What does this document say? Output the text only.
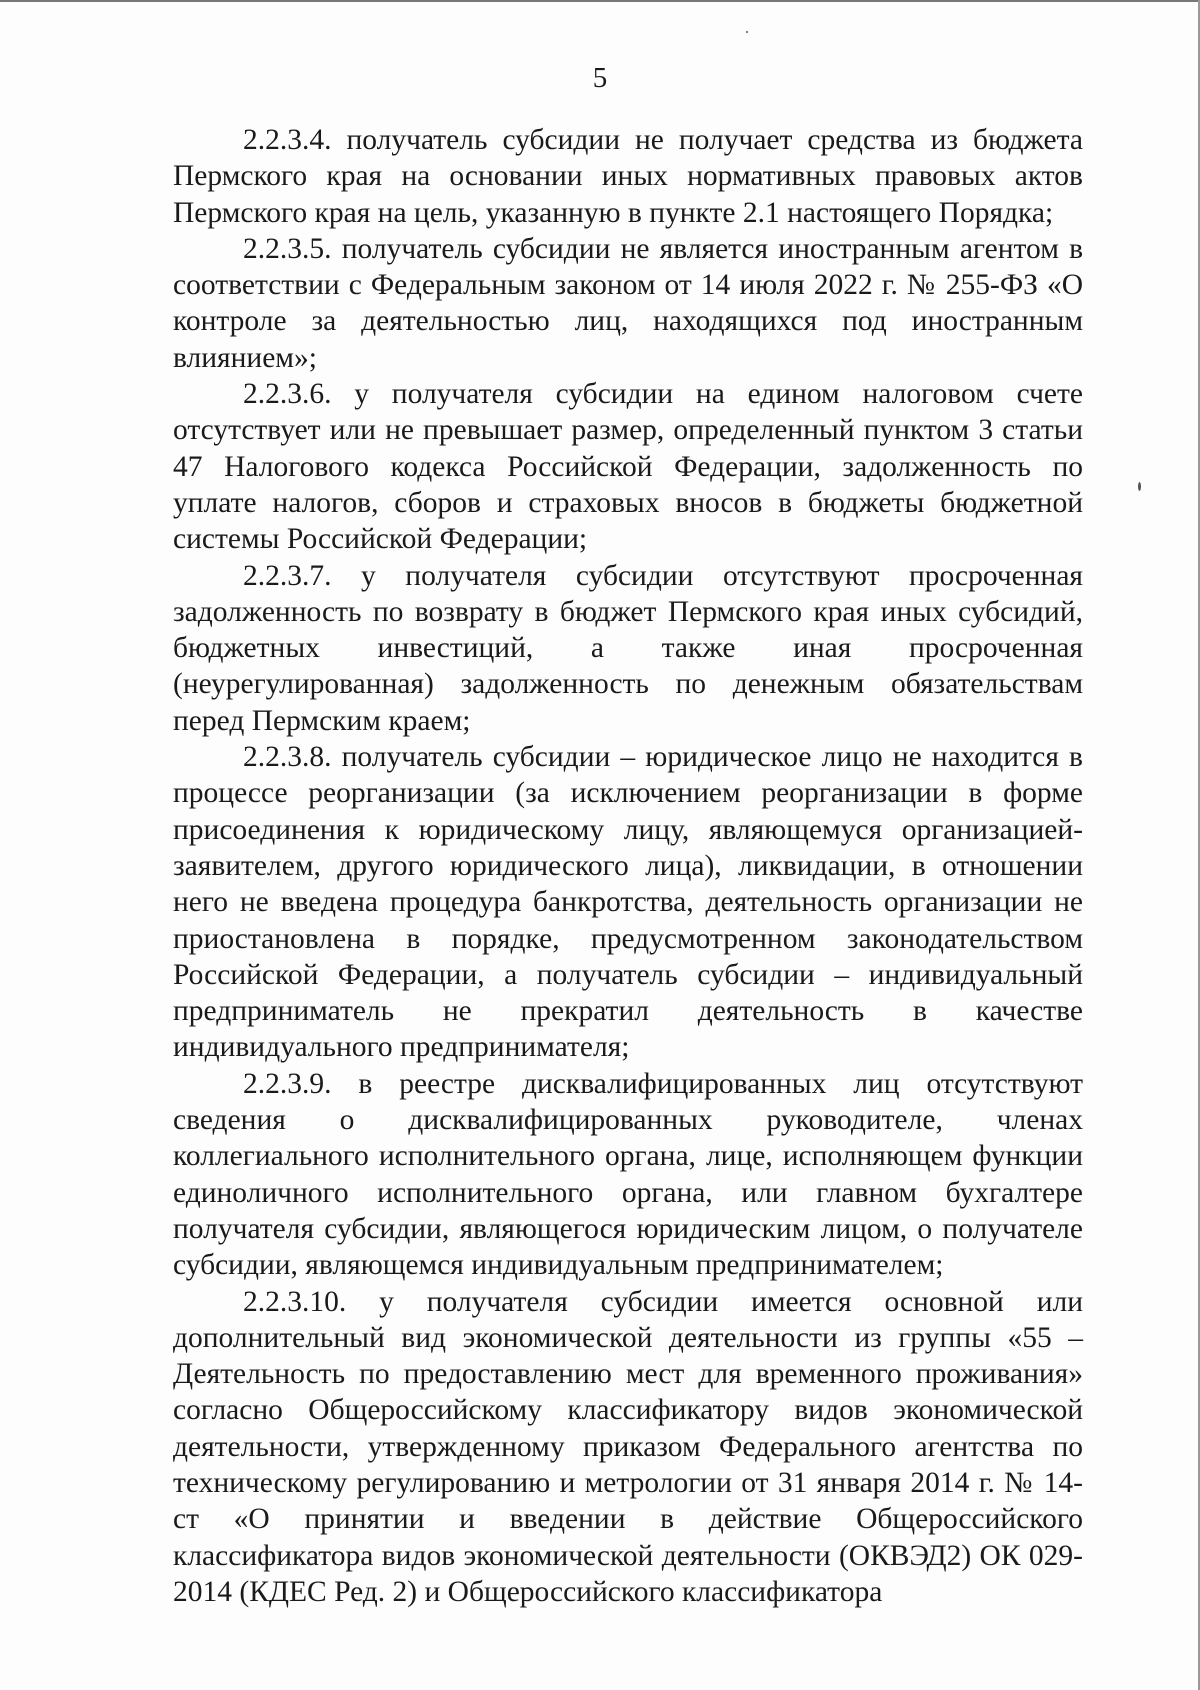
5

2.2.3.4. получатель субсидии не получает средства из бюджета Пермского края на основании иных нормативных правовых актов Пермского края на цель, указанную в пункте 2.1 настоящего Порядка;

2.2.3.5. получатель субсидии не является иностранным агентом в соответствии с Федеральным законом от 14 июля 2022 г. № 255-ФЗ «О контроле за деятельностью лиц, находящихся под иностранным влиянием»;

2.2.3.6. у получателя субсидии на едином налоговом счете отсутствует или не превышает размер, определенный пунктом 3 статьи 47 Налогового кодекса Российской Федерации, задолженность по уплате налогов, сборов и страховых вносов в бюджеты бюджетной системы Российской Федерации;

2.2.3.7. у получателя субсидии отсутствуют просроченная задолженность по возврату в бюджет Пермского края иных субсидий, бюджетных инвестиций, а также иная просроченная (неурегулированная) задолженность по денежным обязательствам перед Пермским краем;

2.2.3.8. получатель субсидии – юридическое лицо не находится в процессе реорганизации (за исключением реорганизации в форме присоединения к юридическому лицу, являющемуся организацией-заявителем, другого юридического лица), ликвидации, в отношении него не введена процедура банкротства, деятельность организации не приостановлена в порядке, предусмотренном законодательством Российской Федерации, а получатель субсидии – индивидуальный предприниматель не прекратил деятельность в качестве индивидуального предпринимателя;

2.2.3.9. в реестре дисквалифицированных лиц отсутствуют сведения о дисквалифицированных руководителе, членах коллегиального исполнительного органа, лице, исполняющем функции единоличного исполнительного органа, или главном бухгалтере получателя субсидии, являющегося юридическим лицом, о получателе субсидии, являющемся индивидуальным предпринимателем;

2.2.3.10. у получателя субсидии имеется основной или дополнительный вид экономической деятельности из группы «55 – Деятельность по предоставлению мест для временного проживания» согласно Общероссийскому классификатору видов экономической деятельности, утвержденному приказом Федерального агентства по техническому регулированию и метрологии от 31 января 2014 г. № 14-ст «О принятии и введении в действие Общероссийского классификатора видов экономической деятельности (ОКВЭД2) ОК 029-2014 (КДЕС Ред. 2) и Общероссийского классификатора
